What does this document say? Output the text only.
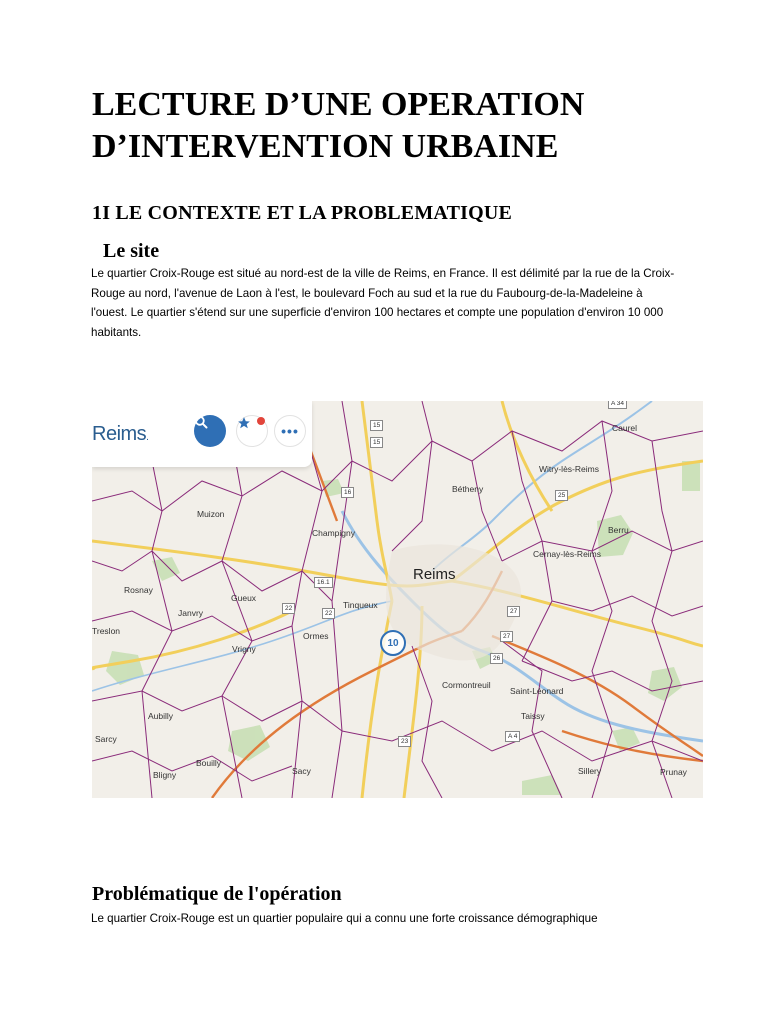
LECTURE D’UNE OPERATION D’INTERVENTION URBAINE
1I LE CONTEXTE ET LA PROBLEMATIQUE
Le site

Le quartier Croix-Rouge est situé au nord-est de la ville de Reims, en France. Il est délimité par la rue de la Croix-Rouge au nord, l'avenue de Laon à l'est, le boulevard Foch au sud et la rue du Faubourg-de-la-Madeleine à l'ouest. Le quartier s'étend sur une superficie d'environ 100 hectares et compte une population d'environ 10 000 habitants.

Reims.	•••	Caurel
Witry-lès-Reims
Bétheny
Berru
Muizon
Champigny
Cernay-lès-Reims
Reims
Rosnay
Gueux
Janvry
Tinqueux
Treslon	Ormes
Vrigny
Cormontreuil
Saint-Léonard
Taissy
Aubilly
Sarcy
Bouilly
Sacy
Bligny	Sillery	Prunay
15
15
16	25
16.1
22
22	27
27
26
23
A 4
A 34
10
Problématique de l'opération

Le quartier Croix-Rouge est un quartier populaire qui a connu une forte croissance démographique
